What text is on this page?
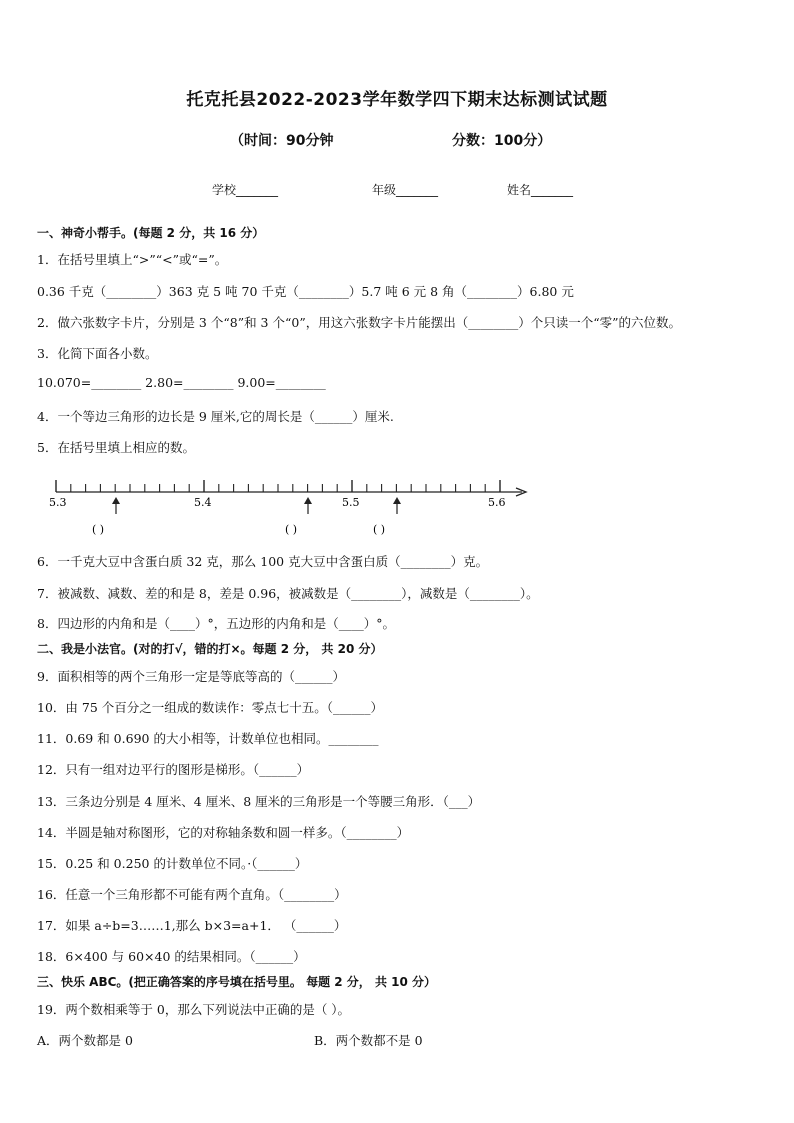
托克托县2022-2023学年数学四下期末达标测试试题
（时间：90分钟	分数：100分）
学校_______	年级_______	姓名_______
一、神奇小帮手。(每题 2 分，共 16 分）
1．在括号里填上“>”“<”或“=”。
0.36 千克（________）363 克 5 吨 70 千克（________）5.7 吨 6 元 8 角（________）6.80 元
2．做六张数字卡片，分别是 3 个“8”和 3 个“0”，用这六张数字卡片能摆出（________）个只读一个“零”的六位数。
3．化简下面各小数。
10.070=________ 2.80=________ 9.00=________
4．一个等边三角形的边长是 9 厘米,它的周长是（______）厘米.
5．在括号里填上相应的数。
5.3	5.4	5.5	5.6
( )	( )	( )
6．一千克大豆中含蛋白质 32 克，那么 100 克大豆中含蛋白质（________）克。
7．被减数、减数、差的和是 8，差是 0.96，被减数是（________），减数是（________）。
8．四边形的内角和是（____）°，五边形的内角和是（____）°。
二、我是小法官。(对的打√，错的打×。每题 2 分， 共 20 分）
9．面积相等的两个三角形一定是等底等高的（______）
10．由 75 个百分之一组成的数读作：零点七十五。（______）
11．0.69 和 0.690 的大小相等，计数单位也相同。________
12．只有一组对边平行的图形是梯形。（______）
13．三条边分别是 4 厘米、4 厘米、8 厘米的三角形是一个等腰三角形．（___）
14．半圆是轴对称图形，它的对称轴条数和圆一样多。（________）
15．0.25 和 0.250 的计数单位不同。·（______）
16．任意一个三角形都不可能有两个直角。（________）
17．如果 a÷b=3……1,那么 b×3=a+1． （______）
18．6×400 与 60×40 的结果相同。（______）
三、快乐 ABC。(把正确答案的序号填在括号里。 每题 2 分， 共 10 分）
19．两个数相乘等于 0，那么下列说法中正确的是（ ）。
A．两个数都是 0	B．两个数都不是 0
